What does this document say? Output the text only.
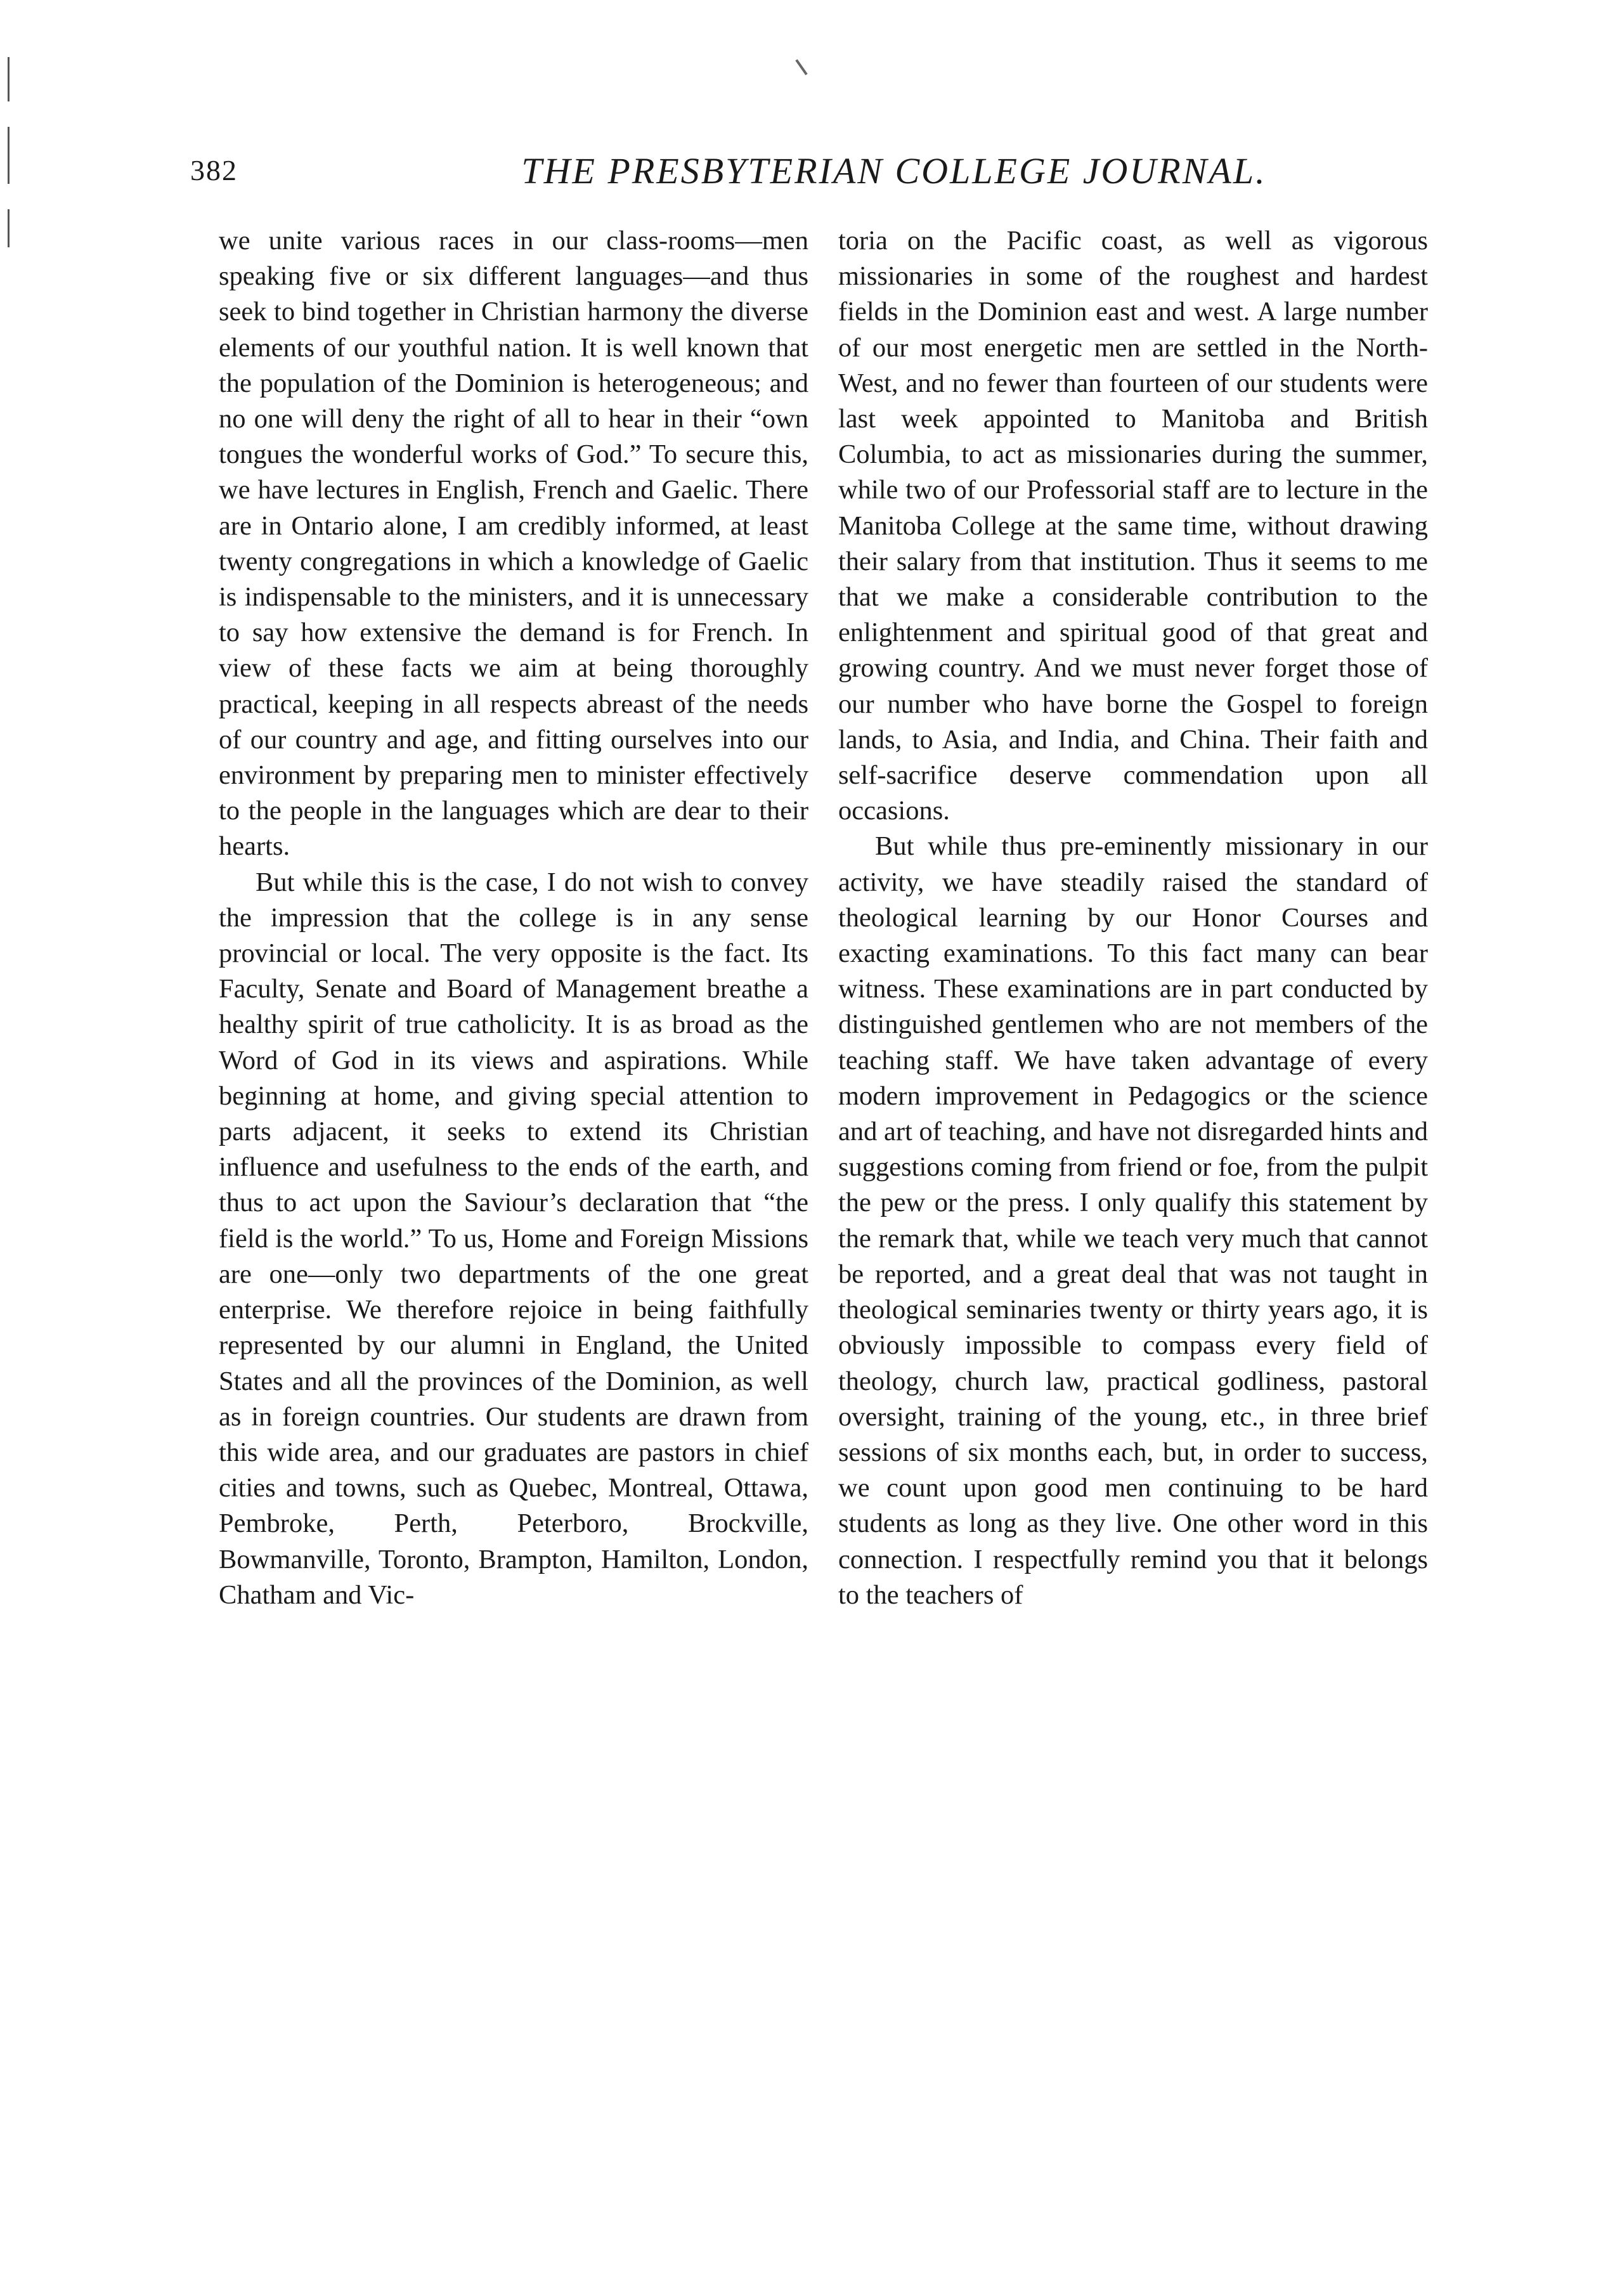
382	THE PRESBYTERIAN COLLEGE JOURNAL.

we unite various races in our class-rooms—men speaking five or six different languages—and thus seek to bind together in Christian harmony the diverse elements of our youthful nation. It is well known that the population of the Dominion is heterogeneous; and no one will deny the right of all to hear in their “own tongues the wonderful works of God.” To secure this, we have lectures in English, French and Gaelic. There are in Ontario alone, I am credibly informed, at least twenty congregations in which a knowledge of Gaelic is indispensable to the ministers, and it is unnecessary to say how extensive the demand is for French. In view of these facts we aim at being thoroughly practical, keeping in all respects abreast of the needs of our country and age, and fitting ourselves into our environment by preparing men to minister effectively to the people in the languages which are dear to their hearts.

But while this is the case, I do not wish to convey the impression that the college is in any sense provincial or local. The very opposite is the fact. Its Faculty, Senate and Board of Management breathe a healthy spirit of true catholicity. It is as broad as the Word of God in its views and aspirations. While beginning at home, and giving special attention to parts adjacent, it seeks to extend its Christian influence and usefulness to the ends of the earth, and thus to act upon the Saviour’s declaration that “the field is the world.” To us, Home and Foreign Missions are one—only two departments of the one great enterprise. We therefore rejoice in being faithfully represented by our alumni in England, the United States and all the provinces of the Dominion, as well as in foreign countries. Our students are drawn from this wide area, and our graduates are pastors in chief cities and towns, such as Quebec, Montreal, Ottawa, Pembroke, Perth, Peterboro, Brockville, Bowmanville, Toronto, Brampton, Hamilton, London, Chatham and Vic-

toria on the Pacific coast, as well as vigorous missionaries in some of the roughest and hardest fields in the Dominion east and west. A large number of our most energetic men are settled in the North-West, and no fewer than fourteen of our students were last week appointed to Manitoba and British Columbia, to act as missionaries during the summer, while two of our Professorial staff are to lecture in the Manitoba College at the same time, without drawing their salary from that institution. Thus it seems to me that we make a considerable contribution to the enlightenment and spiritual good of that great and growing country. And we must never forget those of our number who have borne the Gospel to foreign lands, to Asia, and India, and China. Their faith and self-sacrifice deserve commendation upon all occasions.

But while thus pre-eminently missionary in our activity, we have steadily raised the standard of theological learning by our Honor Courses and exacting examinations. To this fact many can bear witness. These examinations are in part conducted by distinguished gentlemen who are not members of the teaching staff. We have taken advantage of every modern improvement in Pedagogics or the science and art of teaching, and have not disregarded hints and suggestions coming from friend or foe, from the pulpit the pew or the press. I only qualify this statement by the remark that, while we teach very much that cannot be reported, and a great deal that was not taught in theological seminaries twenty or thirty years ago, it is obviously impossible to compass every field of theology, church law, practical godliness, pastoral oversight, training of the young, etc., in three brief sessions of six months each, but, in order to success, we count upon good men continuing to be hard students as long as they live. One other word in this connection. I respectfully remind you that it belongs to the teachers of
